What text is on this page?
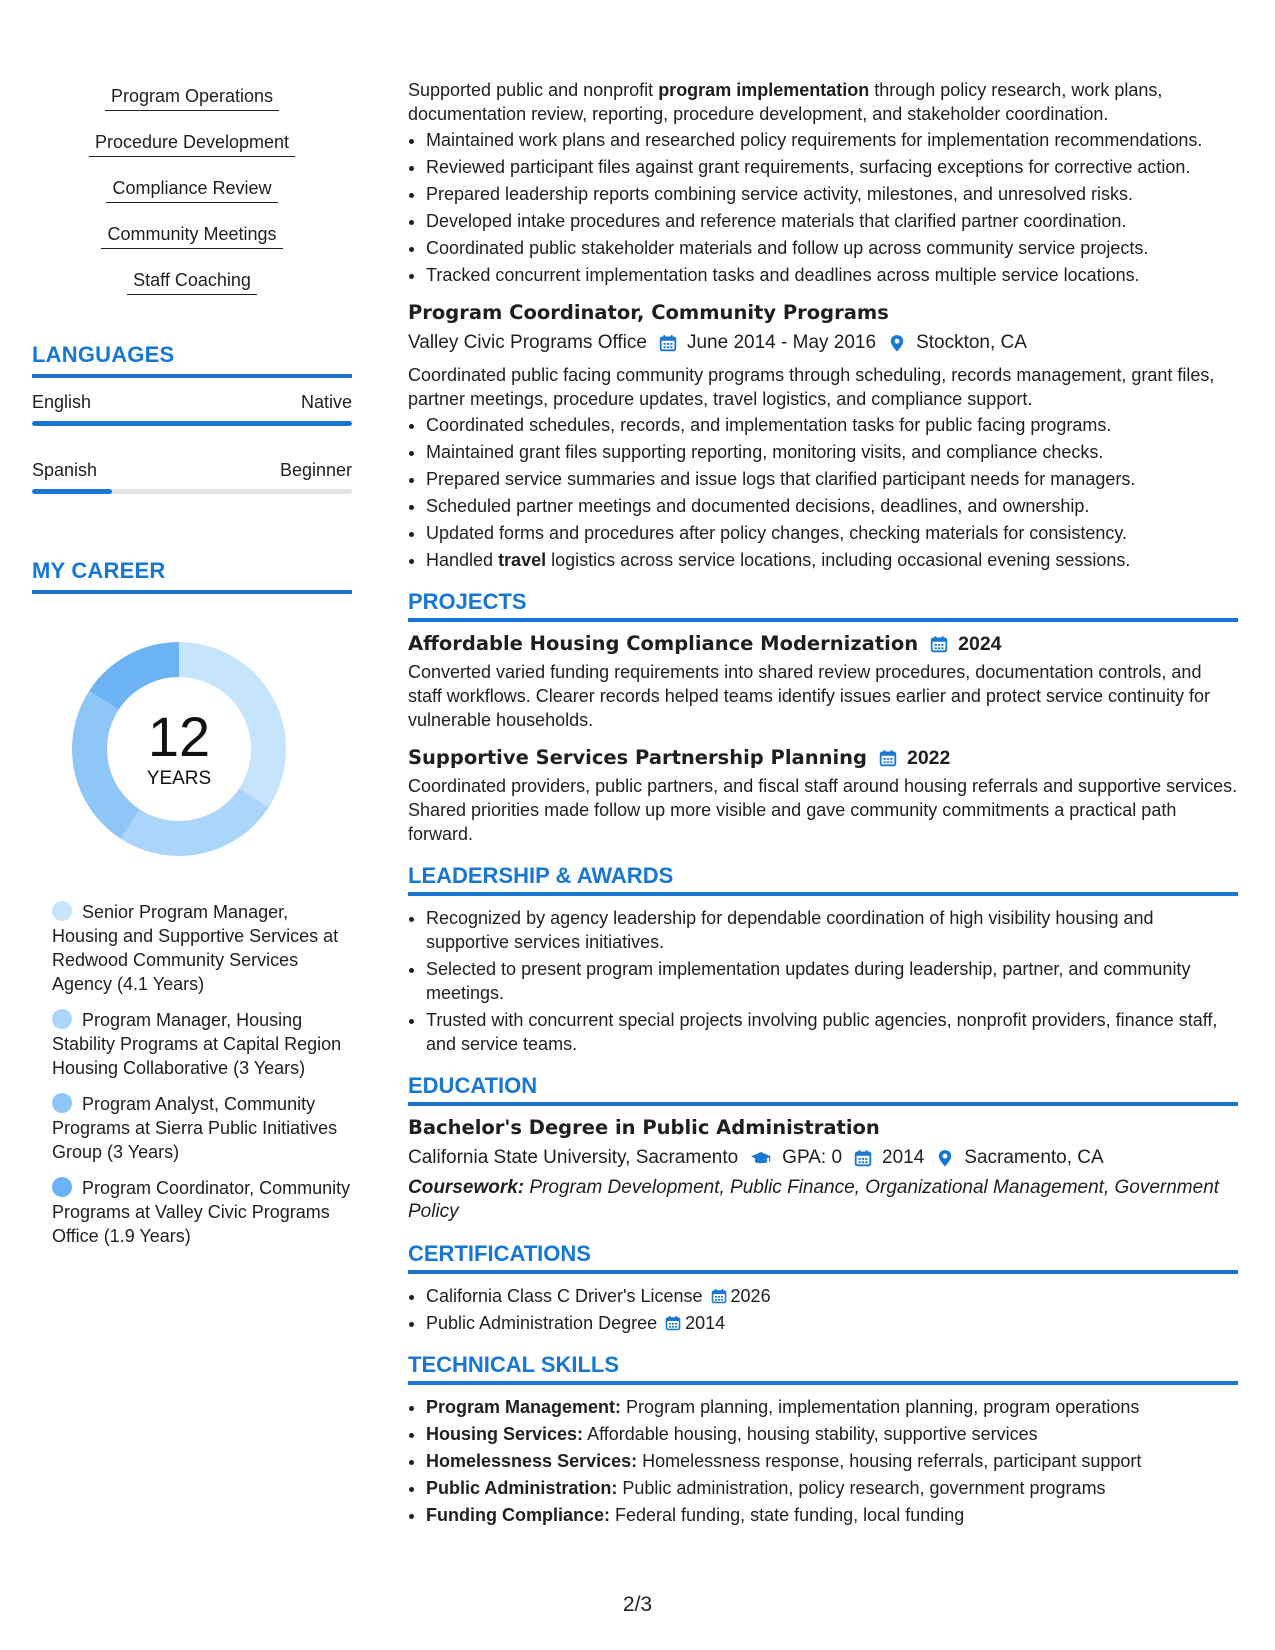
Program Operations
Procedure Development
Compliance Review
Community Meetings
Staff Coaching
LANGUAGES
English	Native
Spanish	Beginner
MY CAREER
12
YEARS
Senior Program Manager, Housing and Supportive Services at Redwood Community Services Agency (4.1 Years)
Program Manager, Housing Stability Programs at Capital Region Housing Collaborative (3 Years)
Program Analyst, Community Programs at Sierra Public Initiatives Group (3 Years)
Program Coordinator, Community Programs at Valley Civic Programs Office (1.9 Years)

Supported public and nonprofit program implementation through policy research, work plans, documentation review, reporting, procedure development, and stakeholder coordination.

• Maintained work plans and researched policy requirements for implementation recommendations.
• Reviewed participant files against grant requirements, surfacing exceptions for corrective action.
• Prepared leadership reports combining service activity, milestones, and unresolved risks.
• Developed intake procedures and reference materials that clarified partner coordination.
• Coordinated public stakeholder materials and follow up across community service projects.
• Tracked concurrent implementation tasks and deadlines across multiple service locations.
Program Coordinator, Community Programs
Valley Civic Programs Office June 2014 - May 2016 Stockton, CA

Coordinated public facing community programs through scheduling, records management, grant files, partner meetings, procedure updates, travel logistics, and compliance support.

• Coordinated schedules, records, and implementation tasks for public facing programs.
• Maintained grant files supporting reporting, monitoring visits, and compliance checks.
• Prepared service summaries and issue logs that clarified participant needs for managers.
• Scheduled partner meetings and documented decisions, deadlines, and ownership.
• Updated forms and procedures after policy changes, checking materials for consistency.
• Handled travel logistics across service locations, including occasional evening sessions.
PROJECTS
Affordable Housing Compliance Modernization 2024

Converted varied funding requirements into shared review procedures, documentation controls, and staff workflows. Clearer records helped teams identify issues earlier and protect service continuity for vulnerable households.

Supportive Services Partnership Planning 2022

Coordinated providers, public partners, and fiscal staff around housing referrals and supportive services. Shared priorities made follow up more visible and gave community commitments a practical path forward.

LEADERSHIP & AWARDS
• Recognized by agency leadership for dependable coordination of high visibility housing and supportive services initiatives.
• Selected to present program implementation updates during leadership, partner, and community meetings.
• Trusted with concurrent special projects involving public agencies, nonprofit providers, finance staff, and service teams.
EDUCATION
Bachelor's Degree in Public Administration
California State University, Sacramento GPA: 0 2014 Sacramento, CA
Coursework: Program Development, Public Finance, Organizational Management, Government Policy
CERTIFICATIONS
• California Class C Driver's License 2026
• Public Administration Degree 2014
TECHNICAL SKILLS
• Program Management: Program planning, implementation planning, program operations
• Housing Services: Affordable housing, housing stability, supportive services
• Homelessness Services: Homelessness response, housing referrals, participant support
• Public Administration: Public administration, policy research, government programs
• Funding Compliance: Federal funding, state funding, local funding
2/3
